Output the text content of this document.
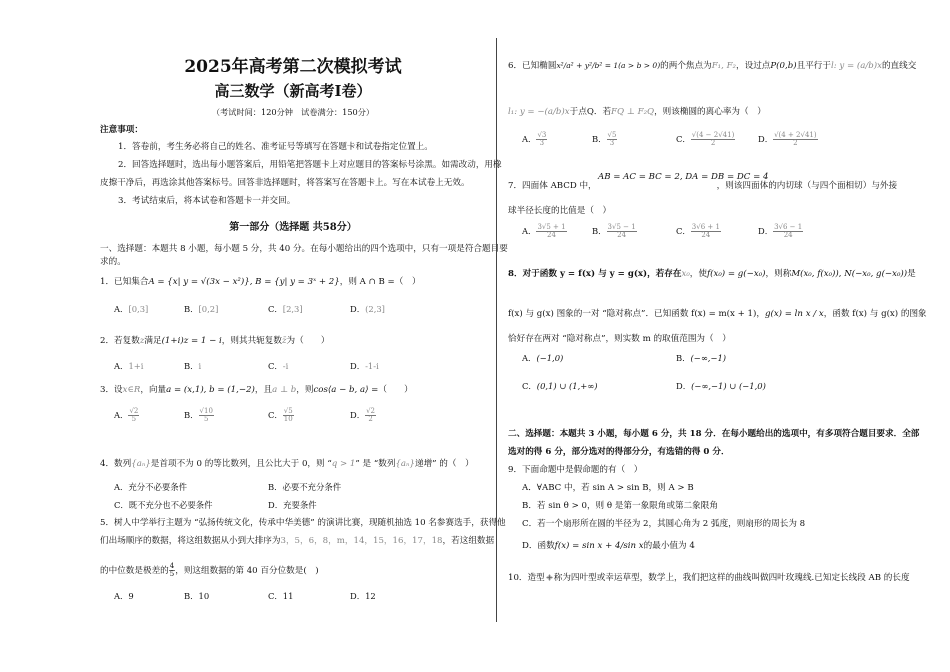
2025年高考第二次模拟考试
高三数学（新高考Ⅰ卷）
（考试时间：120分钟　试卷满分：150分）
注意事项：
1．答卷前，考生务必将自己的姓名、准考证号等填写在答题卡和试卷指定位置上。
2．回答选择题时，选出每小题答案后，用铅笔把答题卡上对应题目的答案标号涂黑。如需改动，用橡
皮擦干净后，再选涂其他答案标号。回答非选择题时，将答案写在答题卡上。写在本试卷上无效。
3．考试结束后，将本试卷和答题卡一并交回。
第一部分（选择题 共58分）
一、选择题：本题共 8 小题，每小题 5 分，共 40 分。在每小题给出的四个选项中，只有一项是符合题目要
求的。
1．已知集合A = {x| y = √(3x − x²)}, B = {y| y = 3ˣ + 2}，则 A ∩ B =（　）
A．[0,3]	B．[0,2]	C．[2,3]	D．(2,3]
2．若复数z满足(1+i)z = 1 − i，则其共轭复数z̄为（　　）
A．1+i	B．i	C．-i	D．-1-i
3．设x∈R，向量a = (x,1), b = (1,−2)，且a ⊥ b，则cos⟨a − b, a⟩ =（　　）
A． $\frac{√2}{5}$	B． $\frac{√10}{5}$	C． $\frac{√5}{10}$	D． $\frac{√2}{2}$
4．数列{aₙ}是首项不为 0 的等比数列，且公比大于 0，则 “q > 1” 是 “数列{aₙ}递增” 的（　）
A．充分不必要条件	B．必要不充分条件
C．既不充分也不必要条件	D．充要条件
5．树人中学举行主题为 “弘扬传统文化，传承中华美德” 的演讲比赛，现随机抽选 10 名参赛选手，获得他
们出场顺序的数据，将这组数据从小到大排序为3，5，6，8，m，14，15，16，17，18，若这组数据
的中位数是极差的 $\frac{4}{5}$ ，则这组数据的第 40 百分位数是(　)
A．9	B．10	C．11	D．12
6．已知椭圆x²/a² + y²/b² = 1(a > b > 0)的两个焦点为F₁, F₂，设过点P(0,b)且平行于l: y = (a/b)x的直线交
l₁: y = −(a/b)x于点Q．若FQ ⊥ F₂Q，则该椭圆的离心率为（　）
A． $\frac{√3}{3}$	B． $\frac{√5}{3}$	C． $\frac{√(4 - 2√41)}{2}$	D． $\frac{√(4 + 2√41)}{2}$
AB = AC = BC = 2, DA = DB = DC = 4
7．四面体 ABCD 中，	，则该四面体的内切球（与四个面相切）与外接
球半径长度的比值是（　）
A． $\frac{3√5 + 1}{24}$	B． $\frac{3√5 - 1}{24}$	C． $\frac{3√6 + 1}{24}$	D． $\frac{3√6 - 1}{24}$
8．对于函数 y = f(x) 与 y = g(x)，若存在x₀，使f(x₀) = g(−x₀)，则称M(x₀, f(x₀)), N(−x₀, g(−x₀))是
f(x) 与 g(x) 图象的一对 “隐对称点”．已知函数 f(x) = m(x + 1)，g(x) = ln x / x，函数 f(x) 与 g(x) 的图象
恰好存在两对 “隐对称点”，则实数 m 的取值范围为（　）
A．(−1,0)	B．(−∞,−1)
C．(0,1) ∪ (1,+∞)	D．(−∞,−1) ∪ (−1,0)
二、选择题：本题共 3 小题，每小题 6 分，共 18 分．在每小题给出的选项中，有多项符合题目要求．全部
选对的得 6 分，部分选对的得部分分，有选错的得 0 分．
9．下面命题中是假命题的有（　）
A．∀ABC 中，若 sin A > sin B，则 A > B
B．若 sin θ > 0，则 θ 是第一象限角或第二象限角
C．若一个扇形所在圆的半径为 2，其圆心角为 2 弧度，则扇形的周长为 8
D．函数f(x) = sin x + 4/sin x的最小值为 4
10．造型 称为四叶型或幸运草型，数学上，我们把这样的曲线叫做四叶玫瑰线.已知定长线段 AB 的长度
